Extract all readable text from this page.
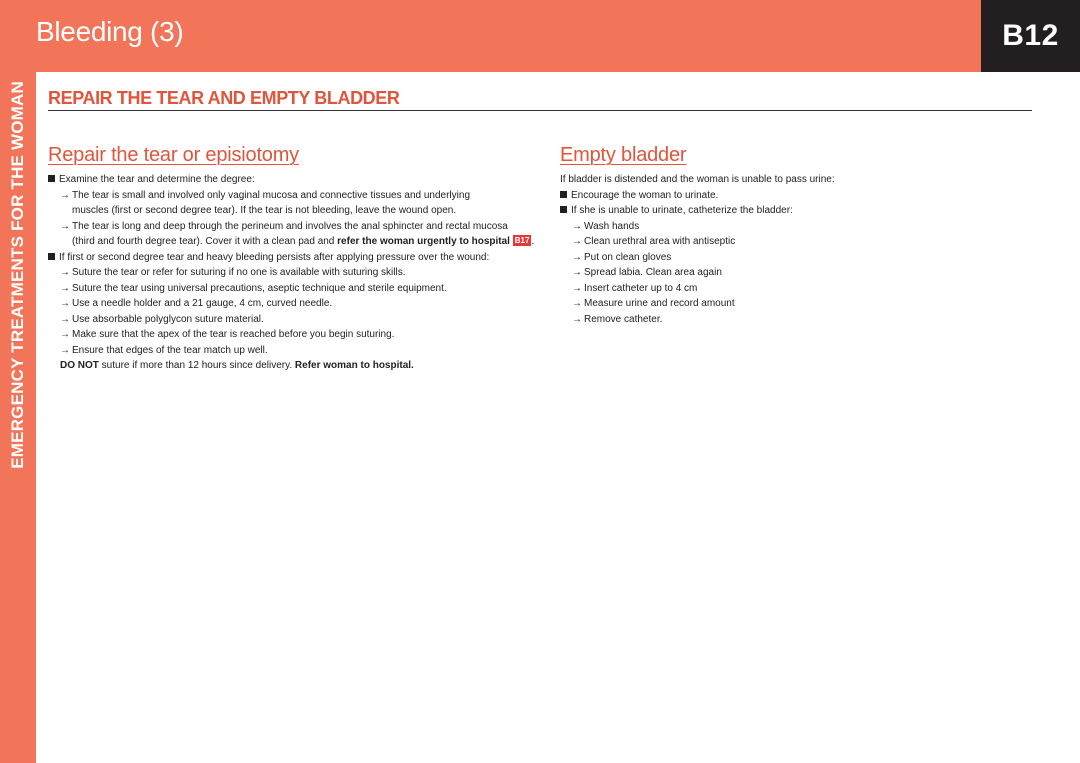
Bleeding (3)	B12
EMERGENCY TREATMENTS FOR THE WOMAN REPAIR THE TEAR AND EMPTY BLADDER
Repair the tear or episiotomy
Examine the tear and determine the degree:
→ The tear is small and involved only vaginal mucosa and connective tissues and underlying
muscles (first or second degree tear). If the tear is not bleeding, leave the wound open.
→ The tear is long and deep through the perineum and involves the anal sphincter and rectal mucosa
(third and fourth degree tear). Cover it with a clean pad and refer the woman urgently to hospital B17 .
If first or second degree tear and heavy bleeding persists after applying pressure over the wound:
→ Suture the tear or refer for suturing if no one is available with suturing skills.
→ Suture the tear using universal precautions, aseptic technique and sterile equipment.
→ Use a needle holder and a 21 gauge, 4 cm, curved needle.
→ Use absorbable polyglycon suture material.
→ Make sure that the apex of the tear is reached before you begin suturing.
→ Ensure that edges of the tear match up well.
DO NOT suture if more than 12 hours since delivery. Refer woman to hospital.
Empty bladder
If bladder is distended and the woman is unable to pass urine:
Encourage the woman to urinate.
If she is unable to urinate, catheterize the bladder:
→ Wash hands
→ Clean urethral area with antiseptic
→ Put on clean gloves
→ Spread labia. Clean area again
→ Insert catheter up to 4 cm
→ Measure urine and record amount
→ Remove catheter.
